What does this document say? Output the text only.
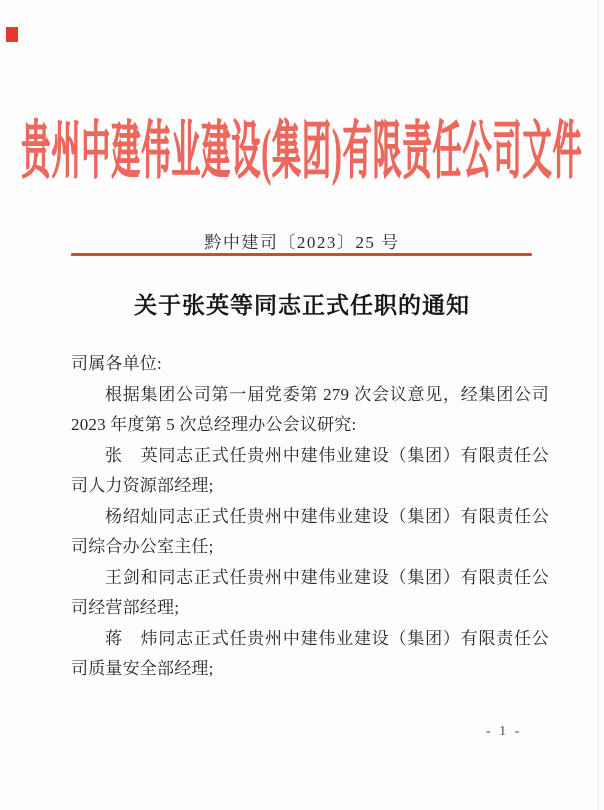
贵州中建伟业建设(集团)有限责任公司文件
黔中建司〔2023〕25 号
关于张英等同志正式任职的通知

司属各单位:

根据集团公司第一届党委第 279 次会议意见，经集团公司2023 年度第 5 次总经理办公会议研究:

张　英同志正式任贵州中建伟业建设（集团）有限责任公司人力资源部经理;

杨绍灿同志正式任贵州中建伟业建设（集团）有限责任公司综合办公室主任;

王剑和同志正式任贵州中建伟业建设（集团）有限责任公司经营部经理;

蒋　炜同志正式任贵州中建伟业建设（集团）有限责任公司质量安全部经理;

- 1 -
